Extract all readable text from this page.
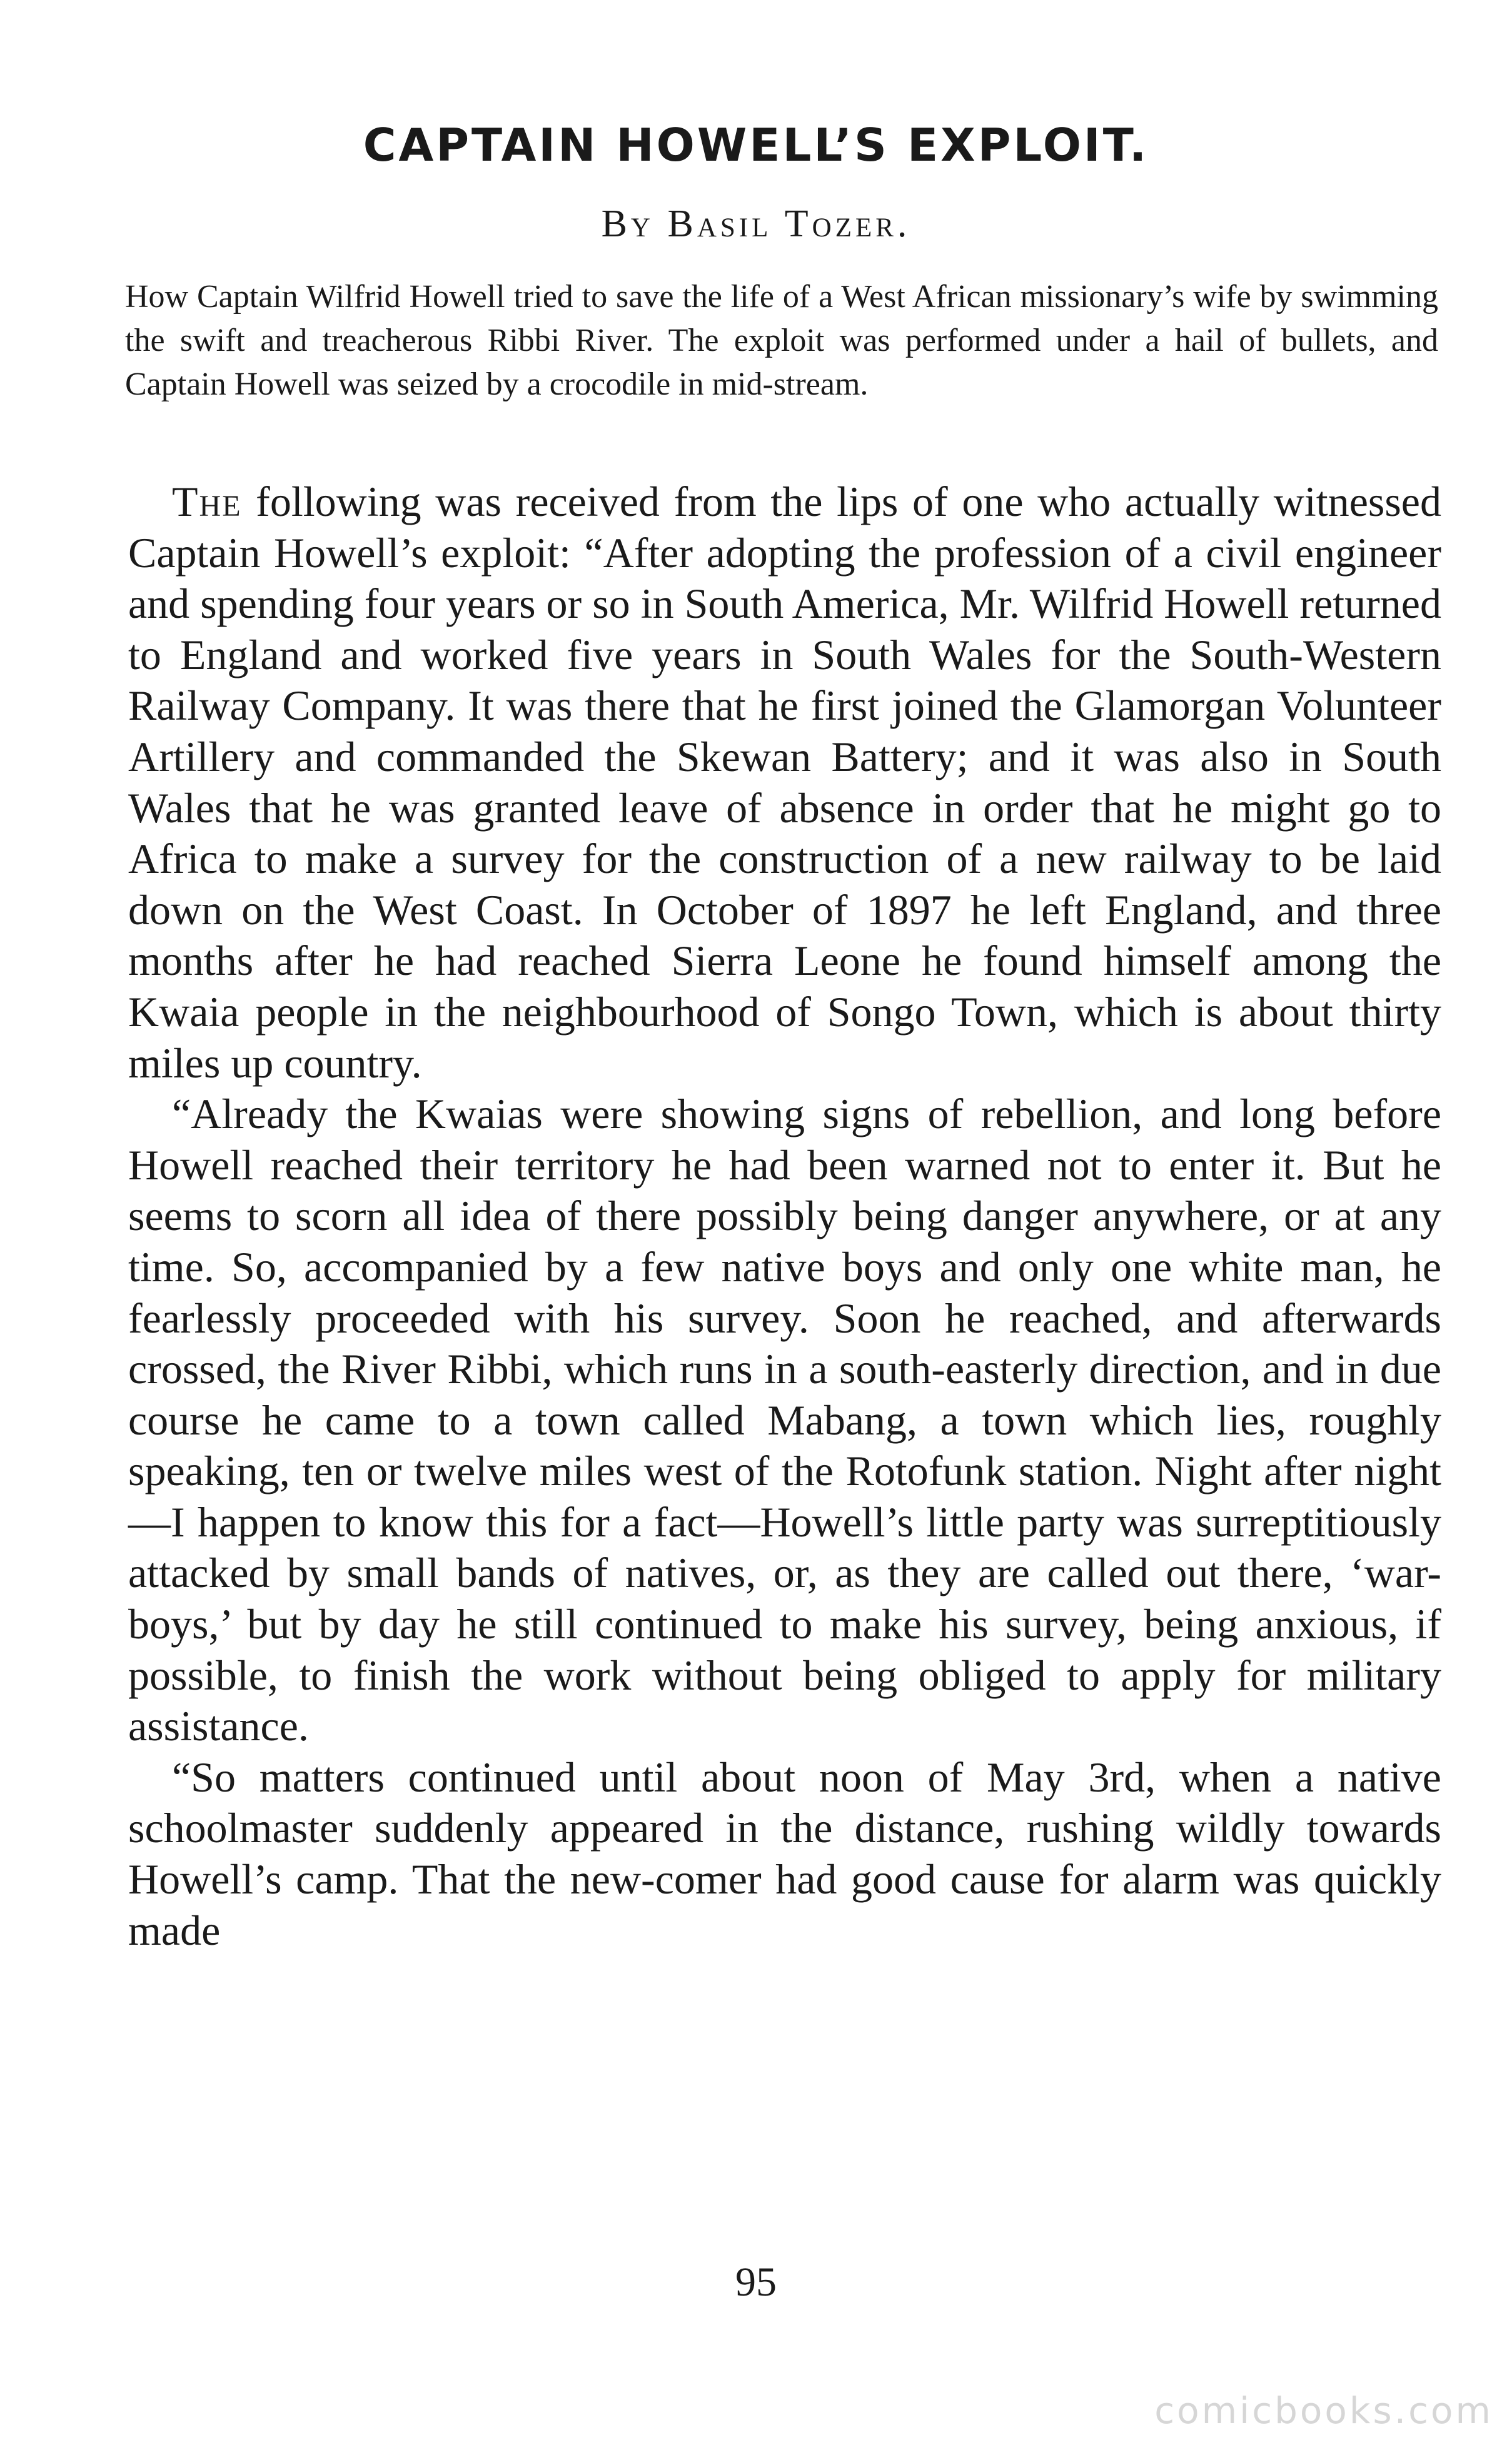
CAPTAIN HOWELL’S EXPLOIT.
By Basil Tozer.

How Captain Wilfrid Howell tried to save the life of a West African missionary’s wife by swimming the swift and treacherous Ribbi River. The exploit was performed under a hail of bullets, and Captain Howell was seized by a crocodile in mid-stream.

The following was received from the lips of one who actually witnessed Captain Howell’s exploit: “After adopting the profession of a civil engineer and spending four years or so in South America, Mr. Wilfrid Howell returned to England and worked five years in South Wales for the South-Western Railway Company. It was there that he first joined the Glamorgan Volunteer Artillery and commanded the Skewan Battery; and it was also in South Wales that he was granted leave of absence in order that he might go to Africa to make a survey for the construction of a new railway to be laid down on the West Coast. In October of 1897 he left England, and three months after he had reached Sierra Leone he found himself among the Kwaia people in the neighbourhood of Songo Town, which is about thirty miles up country.

“Already the Kwaias were showing signs of rebellion, and long before Howell reached their territory he had been warned not to enter it. But he seems to scorn all idea of there possibly being danger anywhere, or at any time. So, accompanied by a few native boys and only one white man, he fearlessly proceeded with his survey. Soon he reached, and afterwards crossed, the River Ribbi, which runs in a south-easterly direction, and in due course he came to a town called Mabang, a town which lies, roughly speaking, ten or twelve miles west of the Rotofunk station. Night after night—I happen to know this for a fact—Howell’s little party was surreptitiously attacked by small bands of natives, or, as they are called out there, ‘war-boys,’ but by day he still continued to make his survey, being anxious, if possible, to finish the work without being obliged to apply for military assistance.

“So matters continued until about noon of May 3rd, when a native schoolmaster suddenly appeared in the distance, rushing wildly towards Howell’s camp. That the new-comer had good cause for alarm was quickly made

95
comicbooks.com
